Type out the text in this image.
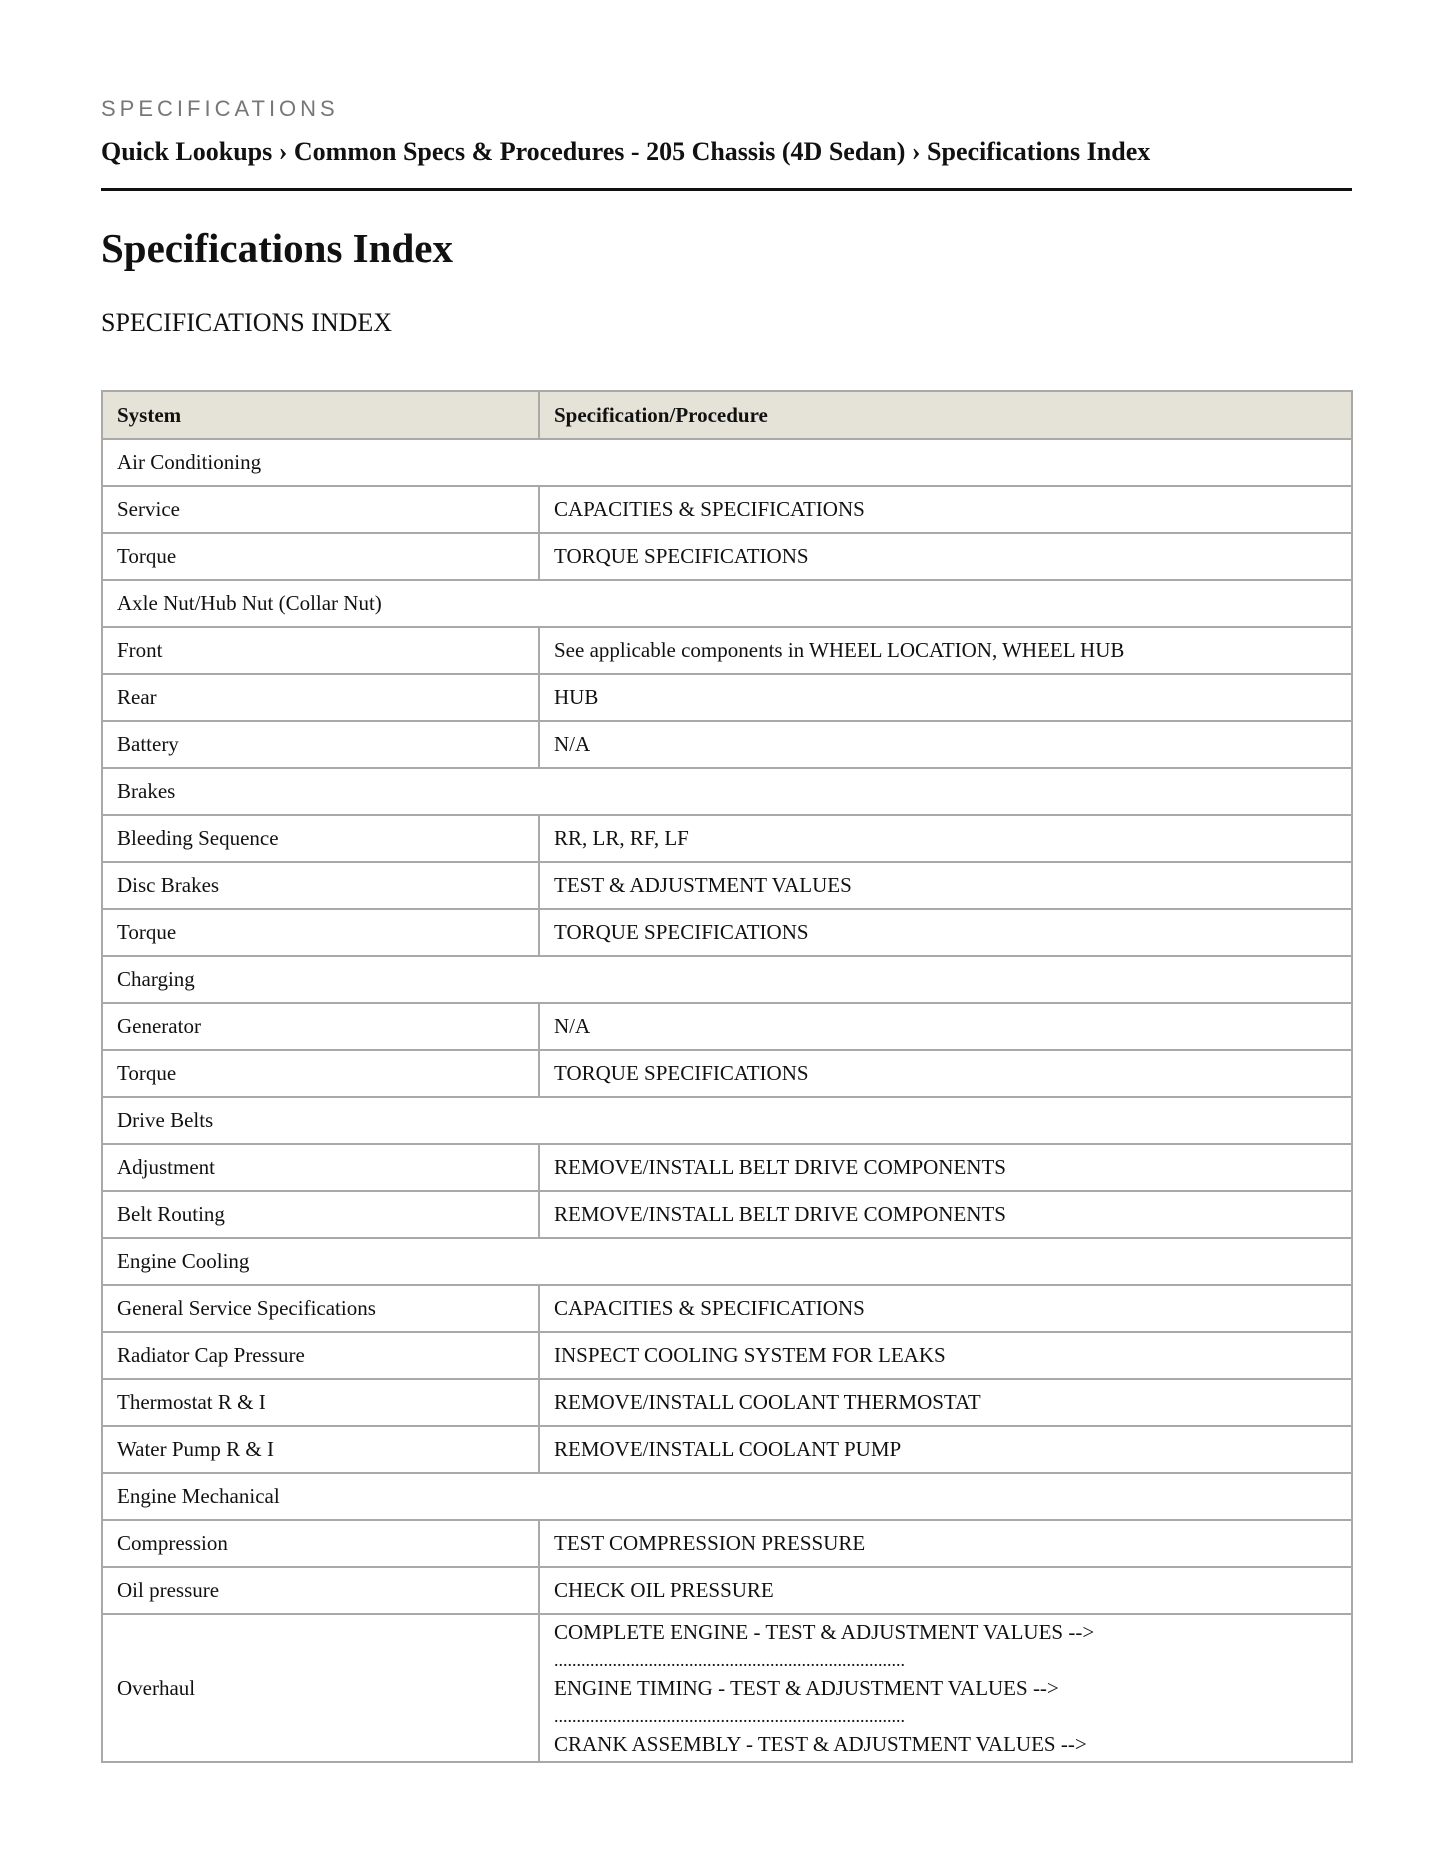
SPECIFICATIONS
Quick Lookups › Common Specs & Procedures - 205 Chassis (4D Sedan) › Specifications Index
Specifications Index
SPECIFICATIONS INDEX
System	Specification/Procedure
Air Conditioning	
Service	CAPACITIES & SPECIFICATIONS
Torque	TORQUE SPECIFICATIONS
Axle Nut/Hub Nut (Collar Nut)	
Front	See applicable components in WHEEL LOCATION, WHEEL HUB
Rear	HUB
Battery	N/A
Brakes	
Bleeding Sequence	RR, LR, RF, LF
Disc Brakes	TEST & ADJUSTMENT VALUES
Torque	TORQUE SPECIFICATIONS
Charging	
Generator	N/A
Torque	TORQUE SPECIFICATIONS
Drive Belts	
Adjustment	REMOVE/INSTALL BELT DRIVE COMPONENTS
Belt Routing	REMOVE/INSTALL BELT DRIVE COMPONENTS
Engine Cooling	
General Service Specifications	CAPACITIES & SPECIFICATIONS
Radiator Cap Pressure	INSPECT COOLING SYSTEM FOR LEAKS
Thermostat R & I	REMOVE/INSTALL COOLANT THERMOSTAT
Water Pump R & I	REMOVE/INSTALL COOLANT PUMP
Engine Mechanical	
Compression	TEST COMPRESSION PRESSURE
Oil pressure	CHECK OIL PRESSURE
Overhaul	COMPLETE ENGINE - TEST & ADJUSTMENT VALUES -->
..............................................................................
ENGINE TIMING - TEST & ADJUSTMENT VALUES -->
..............................................................................
CRANK ASSEMBLY - TEST & ADJUSTMENT VALUES -->
